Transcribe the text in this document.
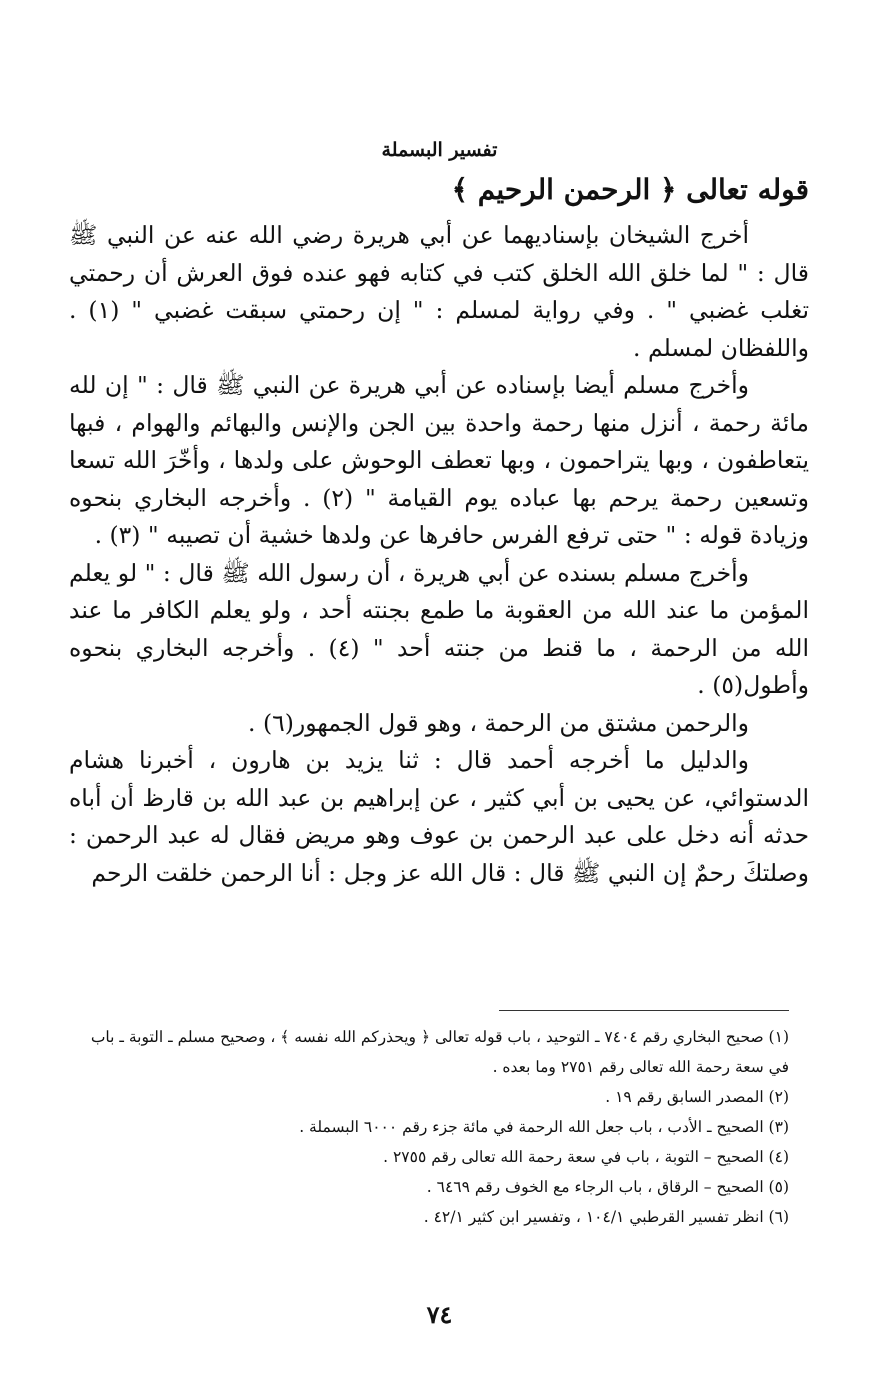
تفسير البسملة
قوله تعالى ﴿ الرحمن الرحيم ﴾

أخرج الشيخان بإسناديهما عن أبي هريرة رضي الله عنه عن النبي ﷺ قال : " لما خلق الله الخلق كتب في كتابه فهو عنده فوق العرش أن رحمتي تغلب غضبي " . وفي رواية لمسلم : " إن رحمتي سبقت غضبي " (١) . واللفظان لمسلم .

وأخرج مسلم أيضا بإسناده عن أبي هريرة عن النبي ﷺ قال : " إن لله مائة رحمة ، أنزل منها رحمة واحدة بين الجن والإنس والبهائم والهوام ، فبها يتعاطفون ، وبها يتراحمون ، وبها تعطف الوحوش على ولدها ، وأخّرَ الله تسعا وتسعين رحمة يرحم بها عباده يوم القيامة " (٢) . وأخرجه البخاري بنحوه وزيادة قوله : " حتى ترفع الفرس حافرها عن ولدها خشية أن تصيبه " (٣) .

وأخرج مسلم بسنده عن أبي هريرة ، أن رسول الله ﷺ قال : " لو يعلم المؤمن ما عند الله من العقوبة ما طمع بجنته أحد ، ولو يعلم الكافر ما عند الله من الرحمة ، ما قنط من جنته أحد " (٤) . وأخرجه البخاري بنحوه وأطول(٥) .

والرحمن مشتق من الرحمة ، وهو قول الجمهور(٦) .

والدليل ما أخرجه أحمد قال : ثنا يزيد بن هارون ، أخبرنا هشام الدستوائي، عن يحيى بن أبي كثير ، عن إبراهيم بن عبد الله بن قارظ أن أباه حدثه أنه دخل على عبد الرحمن بن عوف وهو مريض فقال له عبد الرحمن : وصلتكَ رحمٌ إن النبي ﷺ قال : قال الله عز وجل : أنا الرحمن خلقت الرحم

(١) صحيح البخاري رقم ٧٤٠٤ ـ التوحيد ، باب قوله تعالى ﴿ ويحذركم الله نفسه ﴾ ، وصحيح مسلم ـ التوبة ـ باب في سعة رحمة الله تعالى رقم ٢٧٥١ وما بعده .

(٢) المصدر السابق رقم ١٩ .

(٣) الصحيح ـ الأدب ، باب جعل الله الرحمة في مائة جزء رقم ٦٠٠٠ البسملة .

(٤) الصحيح – التوبة ، باب في سعة رحمة الله تعالى رقم ٢٧٥٥ .

(٥) الصحيح – الرقاق ، باب الرجاء مع الخوف رقم ٦٤٦٩ .

(٦) انظر تفسير القرطبي ١٠٤/١ ، وتفسير ابن كثير ٤٢/١ .

٧٤
